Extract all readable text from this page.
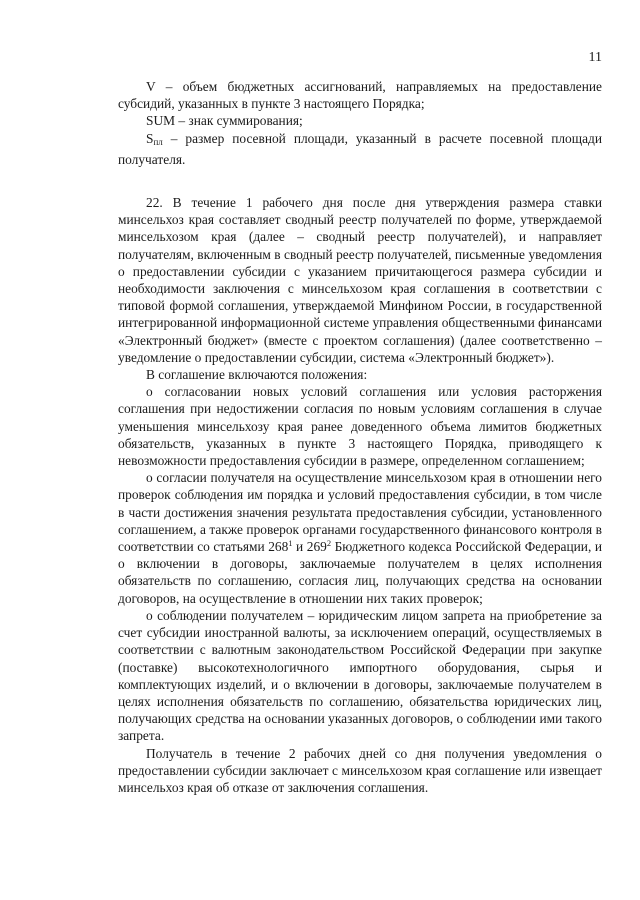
11

V – объем бюджетных ассигнований, направляемых на предоставление субсидий, указанных в пункте 3 настоящего Порядка;

SUM – знак суммирования;

$S_{пл}$ – размер посевной площади, указанный в расчете посевной площади получателя.

22. В течение 1 рабочего дня после дня утверждения размера ставки минсельхоз края составляет сводный реестр получателей по форме, утверждаемой минсельхозом края (далее – сводный реестр получателей), и направляет получателям, включенным в сводный реестр получателей, письменные уведомления о предоставлении субсидии с указанием причитающегося размера субсидии и необходимости заключения с минсельхозом края соглашения в соответствии с типовой формой соглашения, утверждаемой Минфином России, в государственной интегрированной информационной системе управления общественными финансами «Электронный бюджет» (вместе с проектом соглашения) (далее соответственно – уведомление о предоставлении субсидии, система «Электронный бюджет»).

В соглашение включаются положения:

о согласовании новых условий соглашения или условия расторжения соглашения при недостижении согласия по новым условиям соглашения в случае уменьшения минсельхозу края ранее доведенного объема лимитов бюджетных обязательств, указанных в пункте 3 настоящего Порядка, приводящего к невозможности предоставления субсидии в размере, определенном соглашением;

о согласии получателя на осуществление минсельхозом края в отношении него проверок соблюдения им порядка и условий предоставления субсидии, в том числе в части достижения значения результата предоставления субсидии, установленного соглашением, а также проверок органами государственного финансового контроля в соответствии со статьями $268^1$ и $269^2$ Бюджетного кодекса Российской Федерации, и о включении в договоры, заключаемые получателем в целях исполнения обязательств по соглашению, согласия лиц, получающих средства на основании договоров, на осуществление в отношении них таких проверок;

о соблюдении получателем – юридическим лицом запрета на приобретение за счет субсидии иностранной валюты, за исключением операций, осуществляемых в соответствии с валютным законодательством Российской Федерации при закупке (поставке) высокотехнологичного импортного оборудования, сырья и комплектующих изделий, и о включении в договоры, заключаемые получателем в целях исполнения обязательств по соглашению, обязательства юридических лиц, получающих средства на основании указанных договоров, о соблюдении ими такого запрета.

Получатель в течение 2 рабочих дней со дня получения уведомления о предоставлении субсидии заключает с минсельхозом края соглашение или извещает минсельхоз края об отказе от заключения соглашения.
